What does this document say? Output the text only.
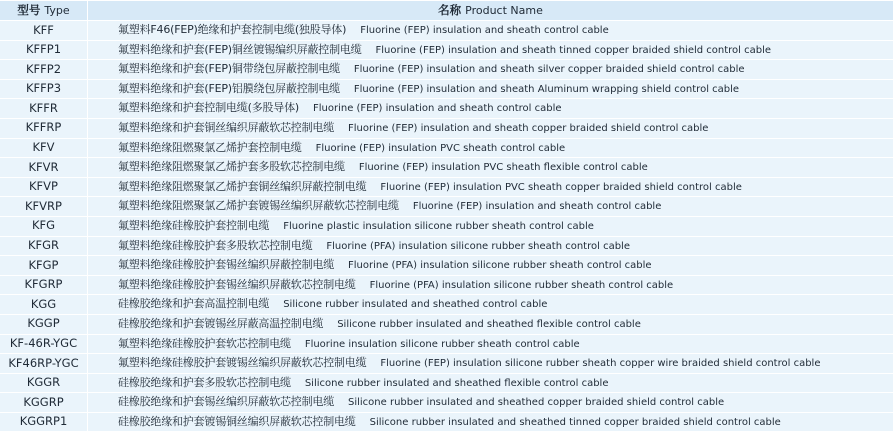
型号 Type	名称 Product Name
KFF	氟塑料F46(FEP)绝缘和护套控制电缆(独股导体) Fluorine (FEP) insulation and sheath control cable
KFFP1	氟塑料绝缘和护套(FEP)铜丝镀锡编织屏蔽控制电缆 Fluorine (FEP) insulation and sheath tinned copper braided shield control cable
KFFP2	氟塑料绝缘和护套(FEP)铜带绕包屏蔽控制电缆 Fluorine (FEP) insulation and sheath silver copper braided shield control cable
KFFP3	氟塑料绝缘和护套(FEP)铝膜绕包屏蔽控制电缆 Fluorine (FEP) insulation and sheath Aluminum wrapping shield control cable
KFFR	氟塑料绝缘和护套控制电缆(多股导体) Fluorine (FEP) insulation and sheath control cable
KFFRP	氟塑料绝缘和护套铜丝编织屏蔽软芯控制电缆 Fluorine (FEP) insulation and sheath copper braided shield control cable
KFV	氟塑料绝缘阻燃聚氯乙烯护套控制电缆 Fluorine (FEP) insulation PVC sheath control cable
KFVR	氟塑料绝缘阻燃聚氯乙烯护套多股软芯控制电缆 Fluorine (FEP) insulation PVC sheath flexible control cable
KFVP	氟塑料绝缘阻燃聚氯乙烯护套铜丝编织屏蔽控制电缆 Fluorine (FEP) insulation PVC sheath copper braided shield control cable
KFVRP	氟塑料绝缘阻燃聚氯乙烯护套镀锡丝编织屏蔽软芯控制电缆 Fluorine (FEP) insulation and sheath control cable
KFG	氟塑料绝缘硅橡胶护套控制电缆 Fluorine plastic insulation silicone rubber sheath control cable
KFGR	氟塑料绝缘硅橡胶护套多股软芯控制电缆 Fluorine (PFA) insulation silicone rubber sheath control cable
KFGP	氟塑料绝缘硅橡胶护套锡丝编织屏蔽控制电缆 Fluorine (PFA) insulation silicone rubber sheath control cable
KFGRP	氟塑料绝缘硅橡胶护套锡丝编织屏蔽软芯控制电缆 Fluorine (PFA) insulation silicone rubber sheath control cable
KGG	硅橡胶绝缘和护套高温控制电缆 Silicone rubber insulated and sheathed control cable
KGGP	硅橡胶绝缘和护套镀锡丝屏蔽高温控制电缆 Silicone rubber insulated and sheathed flexible control cable
KF-46R-YGC	氟塑料绝缘硅橡胶护套软芯控制电缆 Fluorine insulation silicone rubber sheath control cable
KF46RP-YGC	氟塑料绝缘硅橡胶护套镀锡丝编织屏蔽软芯控制电缆 Fluorine (FEP) insulation silicone rubber sheath copper wire braided shield control cable
KGGR	硅橡胶绝缘和护套多股软芯控制电缆 Silicone rubber insulated and sheathed flexible control cable
KGGRP	硅橡胶绝缘和护套锡丝编织屏蔽软芯控制电缆 Silicone rubber insulated and sheathed copper braided shield control cable
KGGRP1	硅橡胶绝缘和护套镀锡铜丝编织屏蔽软芯控制电缆 Silicone rubber insulated and sheathed tinned copper braided shield control cable
